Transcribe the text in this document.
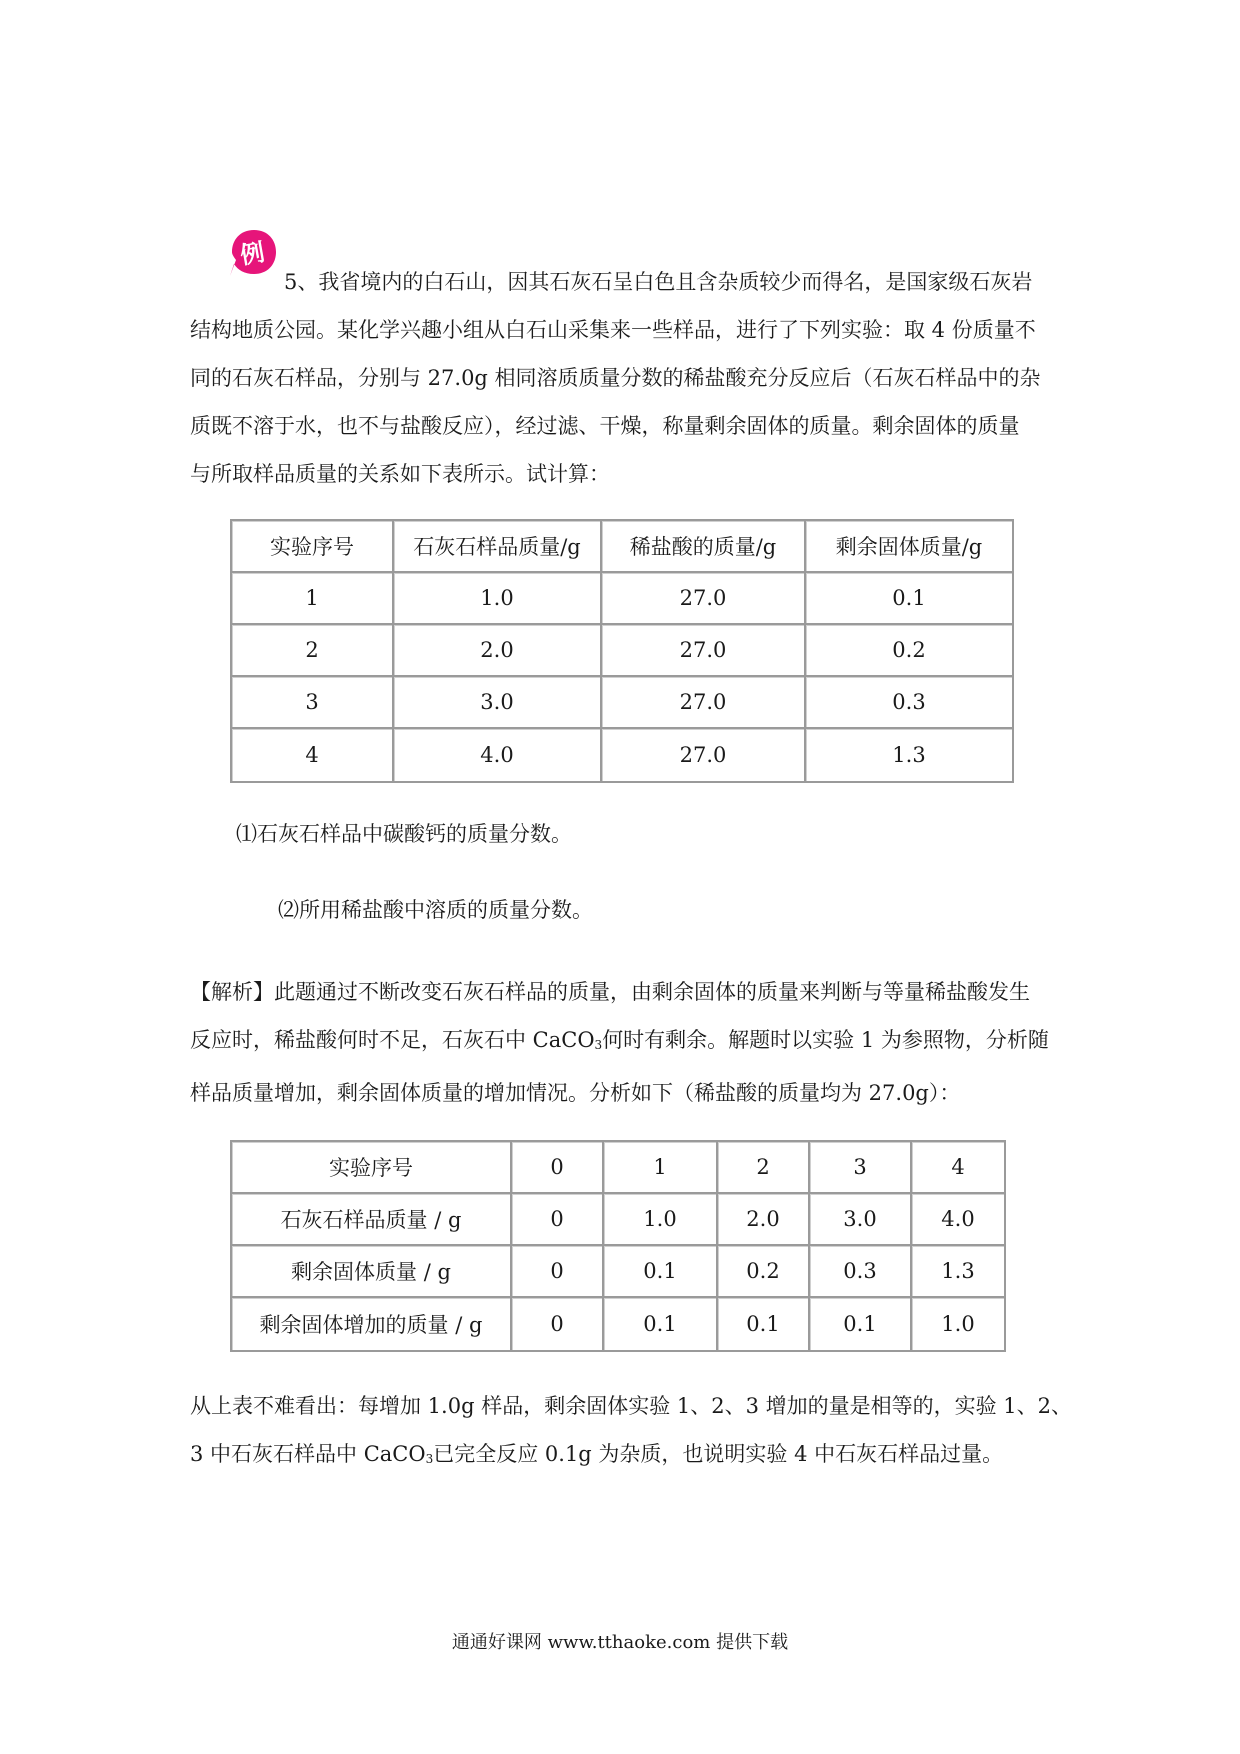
例
5、我省境内的白石山，因其石灰石呈白色且含杂质较少而得名，是国家级石灰岩
结构地质公园。某化学兴趣小组从白石山采集来一些样品，进行了下列实验：取 4 份质量不
同的石灰石样品，分别与 27.0g 相同溶质质量分数的稀盐酸充分反应后（石灰石样品中的杂
质既不溶于水，也不与盐酸反应），经过滤、干燥，称量剩余固体的质量。剩余固体的质量
与所取样品质量的关系如下表所示。试计算：
实验序号	石灰石样品质量/g	稀盐酸的质量/g	剩余固体质量/g
1	1.0	27.0	0.1
2	2.0	27.0	0.2
3	3.0	27.0	0.3
4	4.0	27.0	1.3
⑴石灰石样品中碳酸钙的质量分数。
⑵所用稀盐酸中溶质的质量分数。
【解析】此题通过不断改变石灰石样品的质量，由剩余固体的质量来判断与等量稀盐酸发生
反应时，稀盐酸何时不足，石灰石中 CaCO$_3$何时有剩余。解题时以实验 1 为参照物，分析随
样品质量增加，剩余固体质量的增加情况。分析如下（稀盐酸的质量均为 27.0g）：
实验序号	0	1	2	3	4
石灰石样品质量 / g	0	1.0	2.0	3.0	4.0
剩余固体质量 / g	0	0.1	0.2	0.3	1.3
剩余固体增加的质量 / g	0	0.1	0.1	0.1	1.0
从上表不难看出：每增加 1.0g 样品，剩余固体实验 1、2、3 增加的量是相等的，实验 1、2、
3 中石灰石样品中 CaCO$_3$已完全反应 0.1g 为杂质，也说明实验 4 中石灰石样品过量。
通通好课网 www.tthaoke.com 提供下载
